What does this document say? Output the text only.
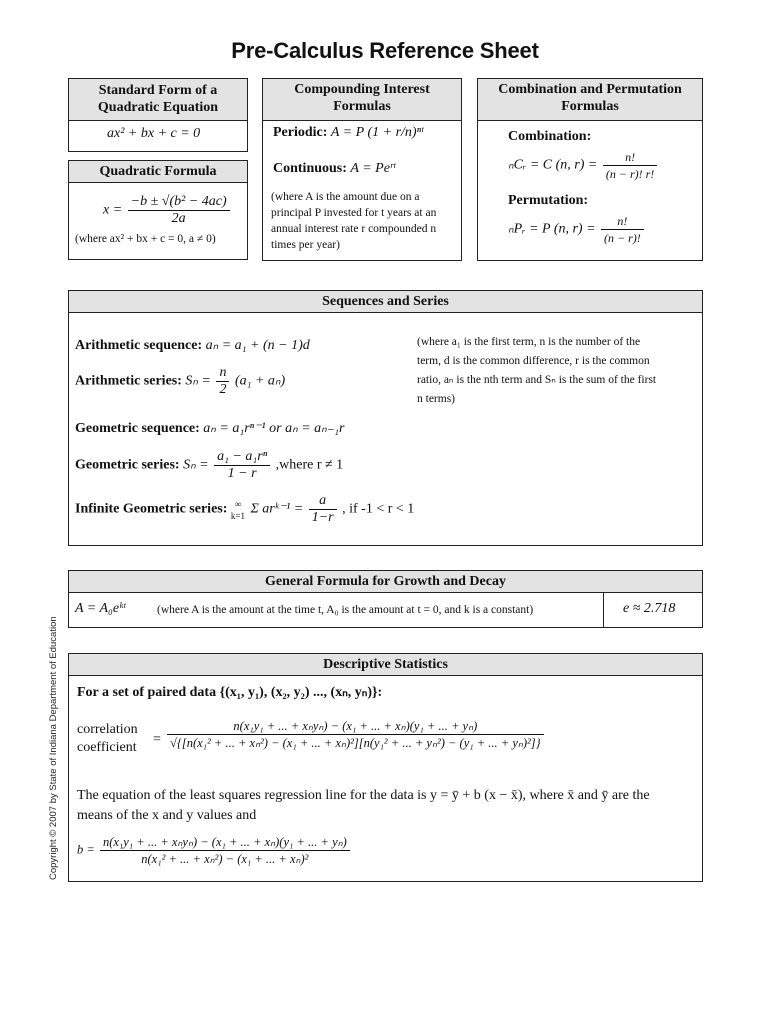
Pre-Calculus Reference Sheet
Standard Form of a Quadratic Equation
ax² + bx + c = 0
Quadratic Formula
$x = \frac{\text{−b ± √(b² − 4ac)}}{2a}$
(where ax² + bx + c = 0, a ≠ 0)
Compounding Interest Formulas
Periodic: A = P (1 + r/n)ⁿᵗ
Continuous: A = Peʳᵗ
(where A is the amount due on a principal P invested for t years at an annual interest rate r compounded n times per year)
Combination and Permutation Formulas
Combination:
ₙCᵣ = C (n, $r) = \frac{n!}{(n - r)! r!}$
Permutation:
ₙPᵣ = P (n, $r) = \frac{n!}{(n - r)!}$
Sequences and Series
Arithmetic sequence: aₙ = a₁ + (n − 1)d
Arithmetic series: $S_n = \frac{n}{2} (a_1 + a_n)$
Geometric sequence: aₙ = a₁rⁿ⁻¹ or aₙ = aₙ₋₁r
Geometric series: $S_n = \frac{\text{a₁ − a₁rⁿ}}{1 - r}$ ,where r ≠ 1
Infinite Geometric series: ∞
k=1 Σ arᵏ⁻¹ = $\frac{a}{1-r}$ , if -1 < r < 1
(where a₁ is the first term, n is the number of the term, d is the common difference, r is the common ratio, aₙ is the nth term and Sₙ is the sum of the first n terms)
General Formula for Growth and Decay
A = A₀eᵏᵗ	(where A is the amount at the time t, A₀ is the amount at t = 0, and k is a constant)	e ≈ 2.718
Descriptive Statistics
For a set of paired data {(x₁, y₁), (x₂, y₂) ..., (xₙ, yₙ)}:
correlation
coefficient
=
n(x₁y₁ + ... + xₙyₙ) − (x₁ + ... + xₙ)(y₁ + ... + yₙ)
√{[n(x₁² + ... + xₙ²) − (x₁ + ... + xₙ)²][n(y₁² + ... + yₙ²) − (y₁ + ... + yₙ)²]}
The equation of the least squares regression line for the data is y = ȳ + b (x − x̄), where x̄ and ȳ are the means of the x and y values and
$b = \frac{\text{n(x₁y₁ + ... + xₙyₙ) − (x₁ + ... + xₙ)(y₁ + ... + yₙ)}}{\text{n(x₁² + ... + xₙ²) − (x₁ + ... + xₙ)²}}$
Copyright © 2007 by State of Indiana Department of Education
